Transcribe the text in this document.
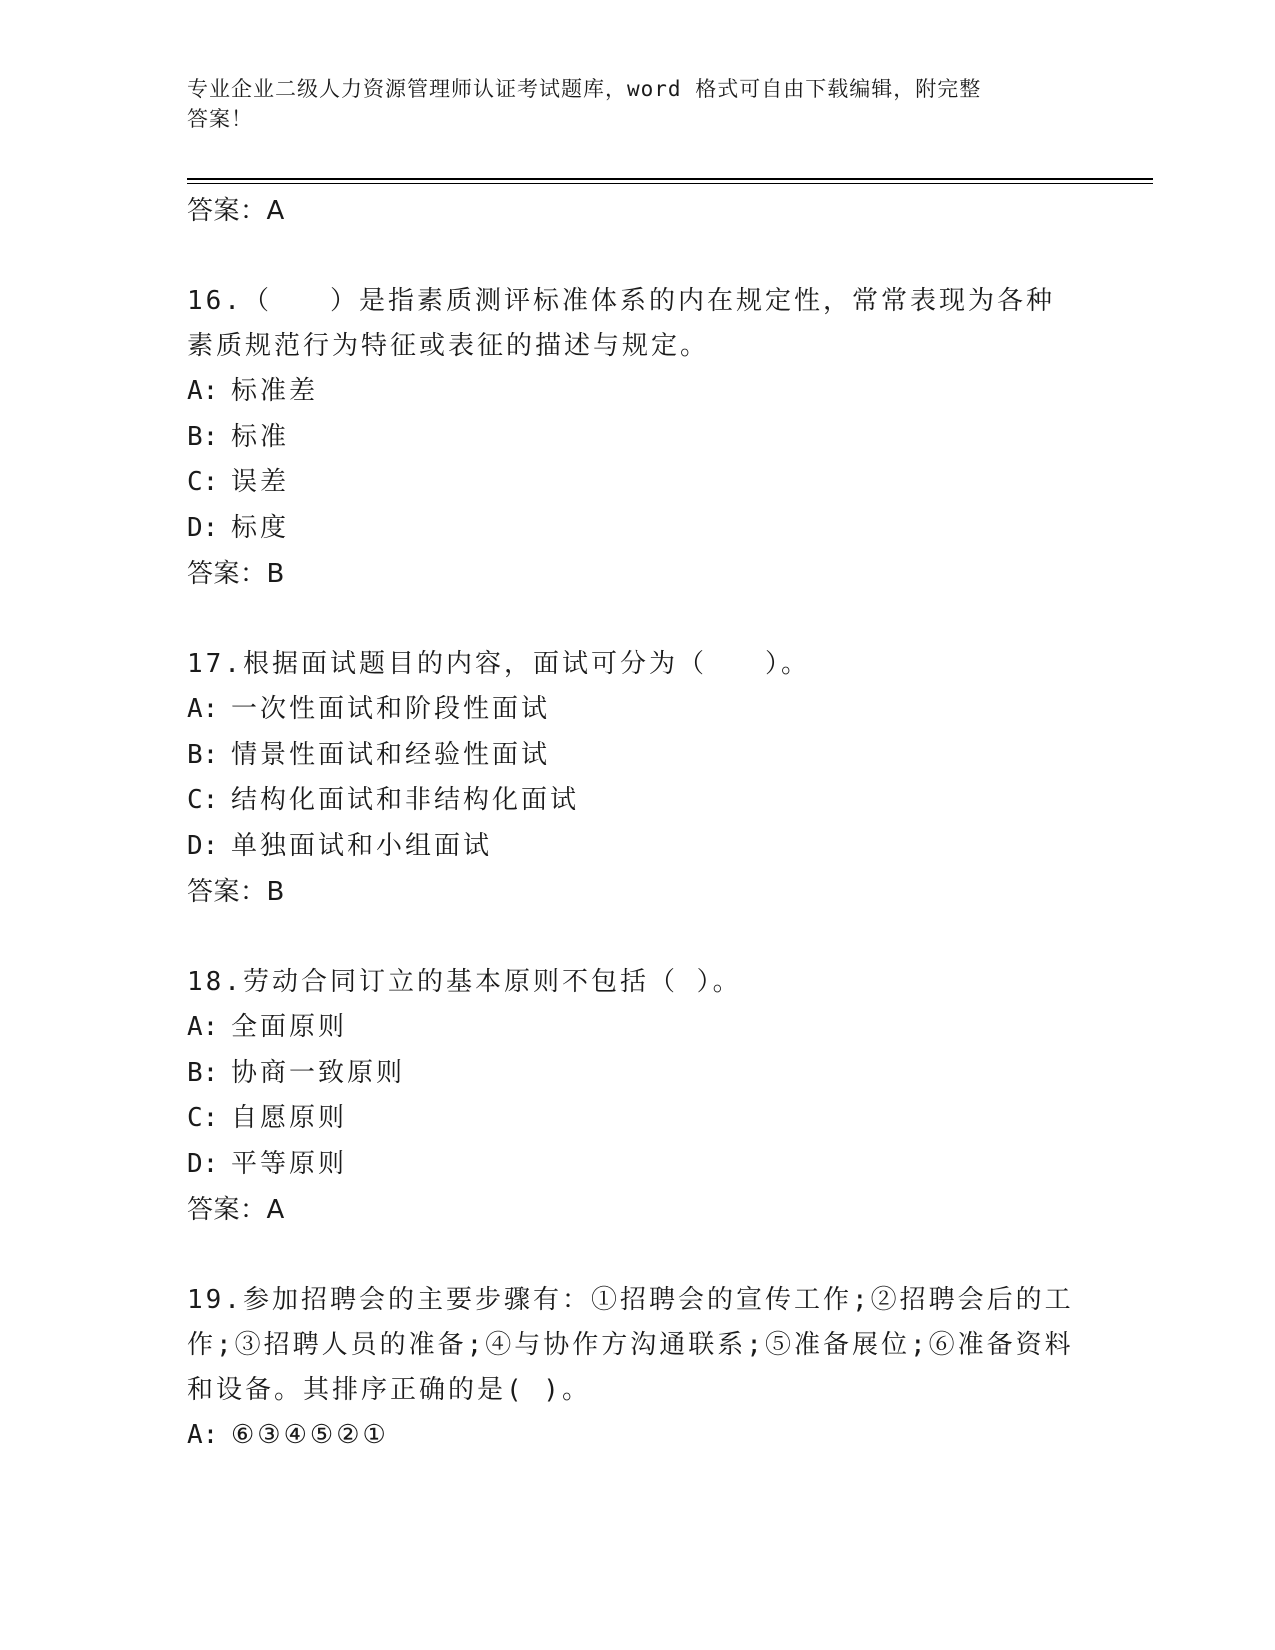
专业企业二级人力资源管理师认证考试题库，word 格式可自由下载编辑，附完整
答案！
答案：A
16.（　　）是指素质测评标准体系的内在规定性，常常表现为各种素质规范行为特征或表征的描述与规定。
A: 标准差
B: 标准
C: 误差
D: 标度
答案：B
17.根据面试题目的内容，面试可分为（　　）。
A: 一次性面试和阶段性面试
B: 情景性面试和经验性面试
C: 结构化面试和非结构化面试
D: 单独面试和小组面试
答案：B
18.劳动合同订立的基本原则不包括（ ）。
A: 全面原则
B: 协商一致原则
C: 自愿原则
D: 平等原则
答案：A
19.参加招聘会的主要步骤有：①招聘会的宣传工作;②招聘会后的工作;③招聘人员的准备;④与协作方沟通联系;⑤准备展位;⑥准备资料和设备。其排序正确的是( )。
A: ⑥③④⑤②①
